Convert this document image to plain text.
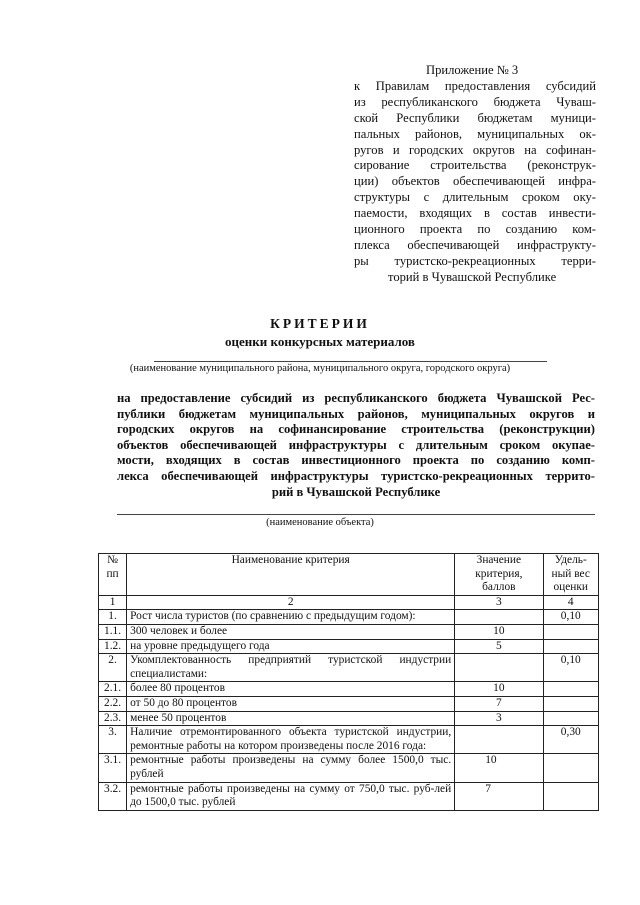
Приложение № 3
к Правилам предоставления субсидий
из республиканского бюджета Чуваш-
ской Республики бюджетам муници-
пальных районов, муниципальных ок-
ругов и городских округов на софинан-
сирование строительства (реконструк-
ции) объектов обеспечивающей инфра-
структуры с длительным сроком оку-
паемости, входящих в состав инвести-
ционного проекта по созданию ком-
плекса обеспечивающей инфраструкту-
ры туристско-рекреационных терри-
торий в Чувашской Республике
КРИТЕРИИ
оценки конкурсных материалов
(наименование муниципального района, муниципального округа, городского округа)
на предоставление субсидий из республиканского бюджета Чувашской Рес-
публики бюджетам муниципальных районов, муниципальных округов и
городских округов на софинансирование строительства (реконструкции)
объектов обеспечивающей инфраструктуры с длительным сроком окупае-
мости, входящих в состав инвестиционного проекта по созданию комп-
лекса обеспечивающей инфраструктуры туристско-рекреационных террито-
рий в Чувашской Республике
(наименование объекта)
№ пп	Наименование критерия	Значение критерия, баллов	Удель-ный вес оценки
1	2	3	4
1.	Рост числа туристов (по сравнению с предыдущим годом):		0,10
1.1.	300 человек и более	10	
1.2.	на уровне предыдущего года	5	
2.	Укомплектованность предприятий туристской индустрии специалистами:		0,10
2.1.	более 80 процентов	10	
2.2.	от 50 до 80 процентов	7	
2.3.	менее 50 процентов	3	
3.	Наличие отремонтированного объекта туристской индустрии, ремонтные работы на котором произведены после 2016 года:		0,30
3.1.	ремонтные работы произведены на сумму более 1500,0 тыс. рублей	10	
3.2.	ремонтные работы произведены на сумму от 750,0 тыс. руб-лей до 1500,0 тыс. рублей	7	
